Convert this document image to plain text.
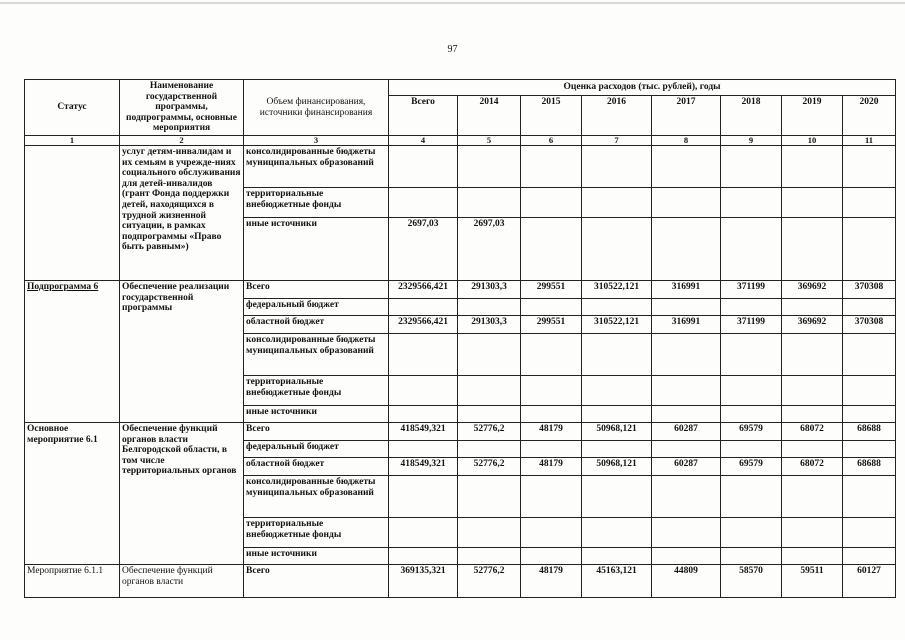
97
Статус	Наименование государственной программы, подпрограммы, основные мероприятия	Объем финансирования, источники финансирования	Оценка расходов (тыс. рублей), годы							
			Всего	2014	2015	2016	2017	2018	2019	2020
1	2	3	4	5	6	7	8	9	10	11
	услуг детям-инвалидам и их семьям в учрежде-ниях социального обслуживания для детей-инвалидов (грант Фонда поддержки детей, находящихся в трудной жизненной ситуации, в рамках подпрограммы «Право быть равным»)	консолидированные бюджеты муниципальных образований								
		территориальные внебюджетные фонды								
		иные источники	2697,03	2697,03						
Подпрограмма 6	Обеспечение реализации государственной программы	Всего	2329566,421	291303,3	299551	310522,121	316991	371199	369692	370308
		федеральный бюджет								
		областной бюджет	2329566,421	291303,3	299551	310522,121	316991	371199	369692	370308
		консолидированные бюджеты муниципальных образований								
		территориальные внебюджетные фонды								
		иные источники								
Основное мероприятие 6.1	Обеспечение функций органов власти Белгородской области, в том числе территориальных органов	Всего	418549,321	52776,2	48179	50968,121	60287	69579	68072	68688
		федеральный бюджет								
		областной бюджет	418549,321	52776,2	48179	50968,121	60287	69579	68072	68688
		консолидированные бюджеты муниципальных образований								
		территориальные внебюджетные фонды								
		иные источники								
Мероприятие 6.1.1	Обеспечение функций органов власти	Всего	369135,321	52776,2	48179	45163,121	44809	58570	59511	60127
